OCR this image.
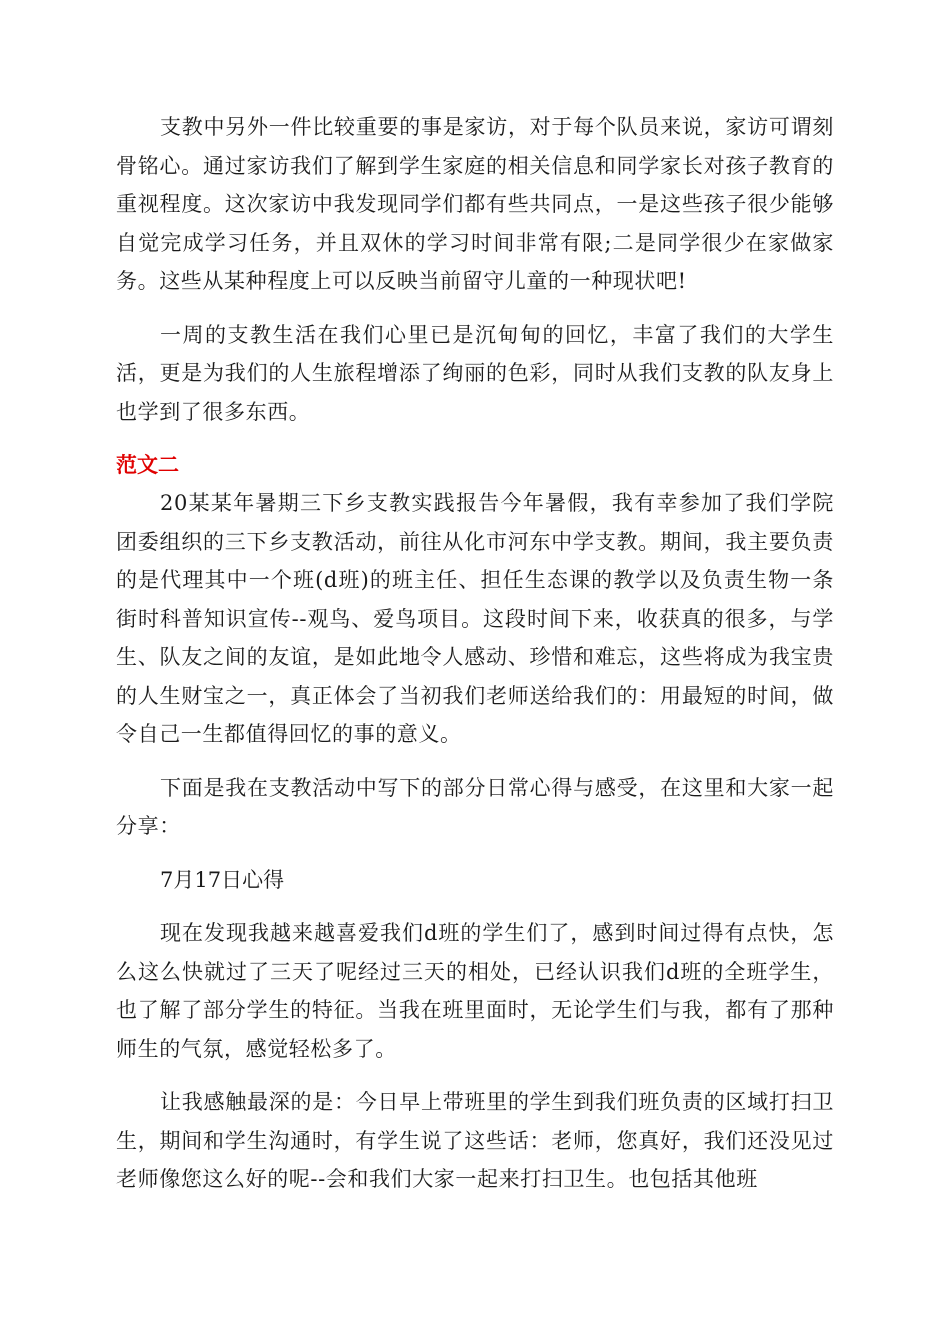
支教中另外一件比较重要的事是家访，对于每个队员来说，家访可谓刻骨铭心。通过家访我们了解到学生家庭的相关信息和同学家长对孩子教育的重视程度。这次家访中我发现同学们都有些共同点，一是这些孩子很少能够自觉完成学习任务，并且双休的学习时间非常有限;二是同学很少在家做家务。这些从某种程度上可以反映当前留守儿童的一种现状吧!

一周的支教生活在我们心里已是沉甸甸的回忆，丰富了我们的大学生活，更是为我们的人生旅程增添了绚丽的色彩，同时从我们支教的队友身上也学到了很多东西。

范文二

20某某年暑期三下乡支教实践报告今年暑假，我有幸参加了我们学院团委组织的三下乡支教活动，前往从化市河东中学支教。期间，我主要负责的是代理其中一个班(d班)的班主任、担任生态课的教学以及负责生物一条街时科普知识宣传--观鸟、爱鸟项目。这段时间下来，收获真的很多，与学生、队友之间的友谊，是如此地令人感动、珍惜和难忘，这些将成为我宝贵的人生财宝之一，真正体会了当初我们老师送给我们的：用最短的时间，做令自己一生都值得回忆的事的意义。

下面是我在支教活动中写下的部分日常心得与感受，在这里和大家一起分享：

7月17日心得

现在发现我越来越喜爱我们d班的学生们了，感到时间过得有点快，怎么这么快就过了三天了呢经过三天的相处，已经认识我们d班的全班学生，也了解了部分学生的特征。当我在班里面时，无论学生们与我，都有了那种师生的气氛，感觉轻松多了。

让我感触最深的是：今日早上带班里的学生到我们班负责的区域打扫卫生，期间和学生沟通时，有学生说了这些话：老师，您真好，我们还没见过老师像您这么好的呢--会和我们大家一起来打扫卫生。也包括其他班
